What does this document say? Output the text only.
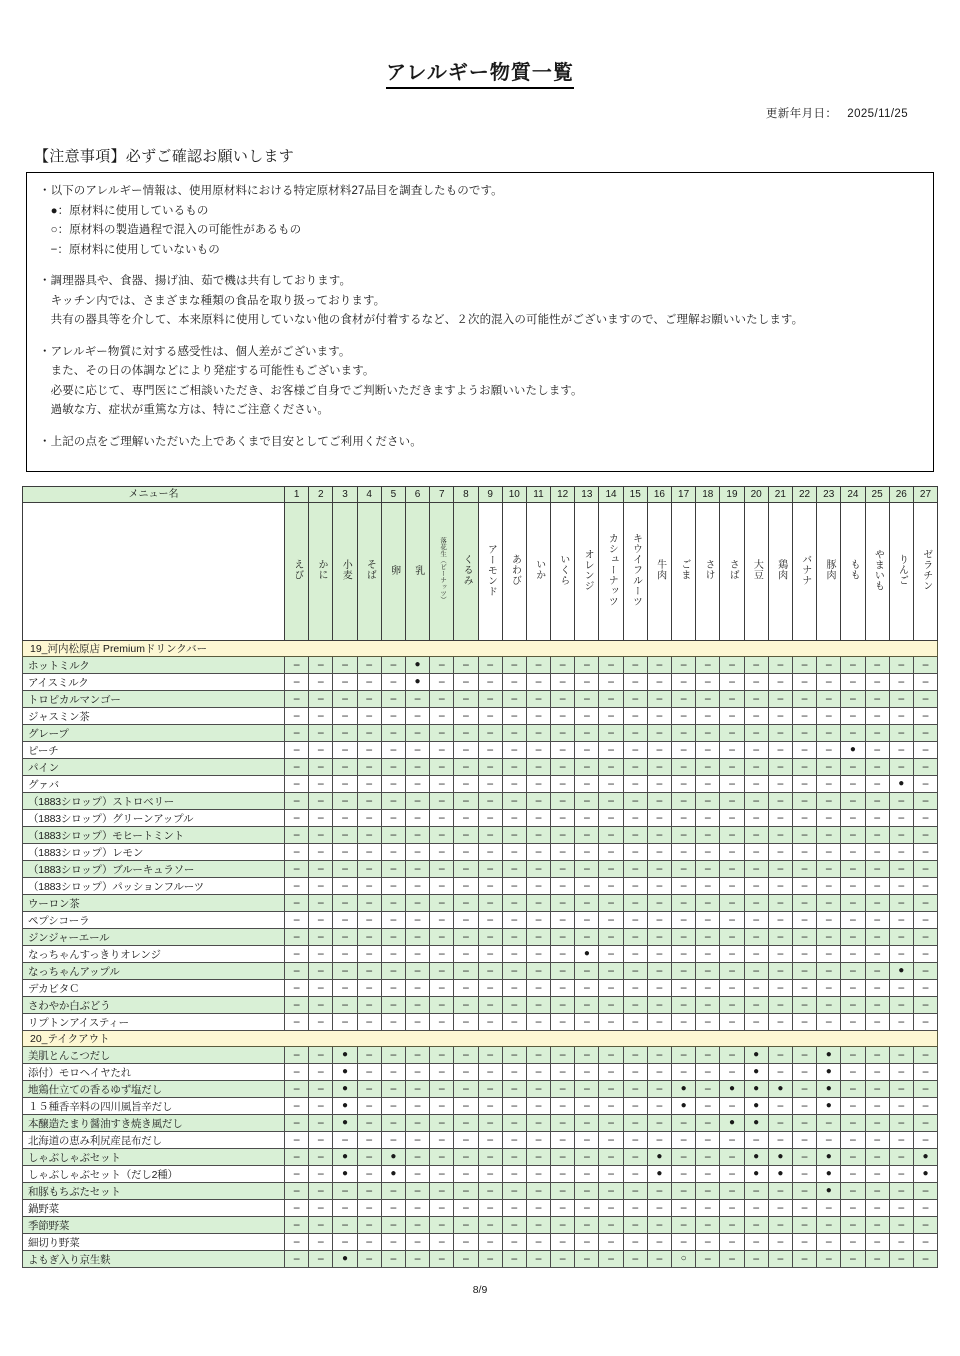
アレルギー物質一覧
更新年月日： 2025/11/25
【注意事項】必ずご確認お願いします
・以下のアレルギー情報は、使用原材料における特定原材料27品目を調査したものです。
　●：原材料に使用しているもの
　○：原材料の製造過程で混入の可能性があるもの
　−：原材料に使用していないもの
・調理器具や、食器、揚げ油、茹で機は共有しております。
　キッチン内では、さまざまな種類の食品を取り扱っております。
　共有の器具等を介して、本来原料に使用していない他の食材が付着するなど、２次的混入の可能性がございますので、ご理解お願いいたします。
・アレルギー物質に対する感受性は、個人差がございます。
　また、その日の体調などにより発症する可能性もございます。
　必要に応じて、専門医にご相談いただき、お客様ご自身でご判断いただきますようお願いいたします。
　過敏な方、症状が重篤な方は、特にご注意ください。
・上記の点をご理解いただいた上であくまで目安としてご利用ください。
メニュー名	1	2	3	4	5	6	7	8	9	10	11	12	13	14	15	16	17	18	19	20	21	22	23	24	25	26	27
	えび	かに	小麦	そば	卵	乳	落花生（ピーナッツ）	くるみ	アーモンド	あわび	いか	いくら	オレンジ	カシューナッツ	キウイフルーツ	牛肉	ごま	さけ	さば	大豆	鶏肉	バナナ	豚肉	もも	やまいも	りんご	ゼラチン
19_河内松原店 Premiumドリンクバー																											
ホットミルク	−	−	−	−	−	●	−	−	−	−	−	−	−	−	−	−	−	−	−	−	−	−	−	−	−	−	−

アイスミルク	−	−	−	−	−	●	−	−	−	−	−	−	−	−	−	−	−	−	−	−	−	−	−	−	−	−	−

トロピカルマンゴー	−	−	−	−	−	−	−	−	−	−	−	−	−	−	−	−	−	−	−	−	−	−	−	−	−	−	−

ジャスミン茶	−	−	−	−	−	−	−	−	−	−	−	−	−	−	−	−	−	−	−	−	−	−	−	−	−	−	−

グレープ	−	−	−	−	−	−	−	−	−	−	−	−	−	−	−	−	−	−	−	−	−	−	−	−	−	−	−

ピーチ	−	−	−	−	−	−	−	−	−	−	−	−	−	−	−	−	−	−	−	−	−	−	−	●	−	−	−

パイン	−	−	−	−	−	−	−	−	−	−	−	−	−	−	−	−	−	−	−	−	−	−	−	−	−	−	−

グァバ	−	−	−	−	−	−	−	−	−	−	−	−	−	−	−	−	−	−	−	−	−	−	−	−	−	●	−

（1883シロップ）ストロベリー	−	−	−	−	−	−	−	−	−	−	−	−	−	−	−	−	−	−	−	−	−	−	−	−	−	−	−

（1883シロップ）グリーンアップル	−	−	−	−	−	−	−	−	−	−	−	−	−	−	−	−	−	−	−	−	−	−	−	−	−	−	−

（1883シロップ）モヒートミント	−	−	−	−	−	−	−	−	−	−	−	−	−	−	−	−	−	−	−	−	−	−	−	−	−	−	−

（1883シロップ）レモン	−	−	−	−	−	−	−	−	−	−	−	−	−	−	−	−	−	−	−	−	−	−	−	−	−	−	−

（1883シロップ）ブルーキュラソー	−	−	−	−	−	−	−	−	−	−	−	−	−	−	−	−	−	−	−	−	−	−	−	−	−	−	−

（1883シロップ）パッションフルーツ	−	−	−	−	−	−	−	−	−	−	−	−	−	−	−	−	−	−	−	−	−	−	−	−	−	−	−

ウーロン茶	−	−	−	−	−	−	−	−	−	−	−	−	−	−	−	−	−	−	−	−	−	−	−	−	−	−	−

ペプシコーラ	−	−	−	−	−	−	−	−	−	−	−	−	−	−	−	−	−	−	−	−	−	−	−	−	−	−	−

ジンジャーエール	−	−	−	−	−	−	−	−	−	−	−	−	−	−	−	−	−	−	−	−	−	−	−	−	−	−	−

なっちゃんすっきりオレンジ	−	−	−	−	−	−	−	−	−	−	−	−	●	−	−	−	−	−	−	−	−	−	−	−	−	−	−

なっちゃんアップル	−	−	−	−	−	−	−	−	−	−	−	−	−	−	−	−	−	−	−	−	−	−	−	−	−	●	−

デカビタＣ	−	−	−	−	−	−	−	−	−	−	−	−	−	−	−	−	−	−	−	−	−	−	−	−	−	−	−

さわやか白ぶどう	−	−	−	−	−	−	−	−	−	−	−	−	−	−	−	−	−	−	−	−	−	−	−	−	−	−	−

リプトンアイスティー	−	−	−	−	−	−	−	−	−	−	−	−	−	−	−	−	−	−	−	−	−	−	−	−	−	−	−

20_テイクアウト																											
美肌とんこつだし	−	−	●	−	−	−	−	−	−	−	−	−	−	−	−	−	−	−	−	●	−	−	●	−	−	−	−

添付）モロヘイヤたれ	−	−	●	−	−	−	−	−	−	−	−	−	−	−	−	−	−	−	−	●	−	−	●	−	−	−	−

地鶏仕立ての香るゆず塩だし	−	−	●	−	−	−	−	−	−	−	−	−	−	−	−	−	●	−	●	●	●	−	●	−	−	−	−

１５種香辛料の四川風旨辛だし	−	−	●	−	−	−	−	−	−	−	−	−	−	−	−	−	●	−	−	●	−	−	●	−	−	−	−

本醸造たまり醤油すき焼き風だし	−	−	●	−	−	−	−	−	−	−	−	−	−	−	−	−	−	−	●	●	−	−	−	−	−	−	−

北海道の恵み利尻産昆布だし	−	−	−	−	−	−	−	−	−	−	−	−	−	−	−	−	−	−	−	−	−	−	−	−	−	−	−

しゃぶしゃぶセット	−	−	●	−	●	−	−	−	−	−	−	−	−	−	−	●	−	−	−	●	●	−	●	−	−	−	●

しゃぶしゃぶセット（だし2種）	−	−	●	−	●	−	−	−	−	−	−	−	−	−	−	●	−	−	−	●	●	−	●	−	−	−	●

和豚もちぶたセット	−	−	−	−	−	−	−	−	−	−	−	−	−	−	−	−	−	−	−	−	−	−	●	−	−	−	−

鍋野菜	−	−	−	−	−	−	−	−	−	−	−	−	−	−	−	−	−	−	−	−	−	−	−	−	−	−	−

季節野菜	−	−	−	−	−	−	−	−	−	−	−	−	−	−	−	−	−	−	−	−	−	−	−	−	−	−	−

細切り野菜	−	−	−	−	−	−	−	−	−	−	−	−	−	−	−	−	−	−	−	−	−	−	−	−	−	−	−

よもぎ入り京生麩	−	−	●	−	−	−	−	−	−	−	−	−	−	−	−	−	○	−	−	−	−	−	−	−	−	−	−
8/9
